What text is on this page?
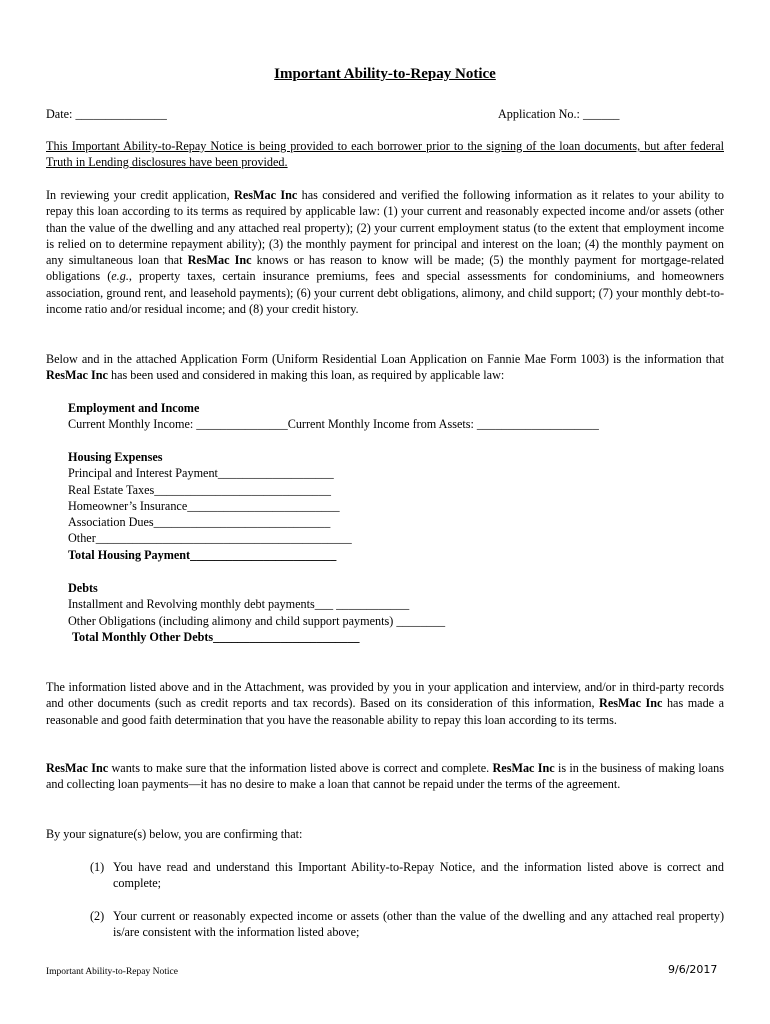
Important Ability-to-Repay Notice
Date: _______________	Application No.: ______
This Important Ability-to-Repay Notice is being provided to each borrower prior to the signing of the loan documents, but after federal Truth in Lending disclosures have been provided.
In reviewing your credit application, ResMac Inc has considered and verified the following information as it relates to your ability to repay this loan according to its terms as required by applicable law: (1) your current and reasonably expected income and/or assets (other than the value of the dwelling and any attached real property); (2) your current employment status (to the extent that employment income is relied on to determine repayment ability); (3) the monthly payment for principal and interest on the loan; (4) the monthly payment on any simultaneous loan that ResMac Inc knows or has reason to know will be made; (5) the monthly payment for mortgage-related obligations (e.g., property taxes, certain insurance premiums, fees and special assessments for condominiums, and homeowners association, ground rent, and leasehold payments); (6) your current debt obligations, alimony, and child support; (7) your monthly debt-to-income ratio and/or residual income; and (8) your credit history.
Below and in the attached Application Form (Uniform Residential Loan Application on Fannie Mae Form 1003) is the information that ResMac Inc has been used and considered in making this loan, as required by applicable law:
Employment and Income
Current Monthly Income: _______________Current Monthly Income from Assets: ____________________
Housing Expenses
Principal and Interest Payment___________________
Real Estate Taxes_____________________________
Homeowner’s Insurance_________________________
Association Dues_____________________________
Other__________________________________________
Total Housing Payment________________________
Debts
Installment and Revolving monthly debt payments___ ____________
Other Obligations (including alimony and child support payments) ________
Total Monthly Other Debts________________________
The information listed above and in the Attachment, was provided by you in your application and interview, and/or in third-party records and other documents (such as credit reports and tax records). Based on its consideration of this information, ResMac Inc has made a reasonable and good faith determination that you have the reasonable ability to repay this loan according to its terms.
ResMac Inc wants to make sure that the information listed above is correct and complete. ResMac Inc is in the business of making loans and collecting loan payments—it has no desire to make a loan that cannot be repaid under the terms of the agreement.
By your signature(s) below, you are confirming that:
(1) You have read and understand this Important Ability-to-Repay Notice, and the information listed above is correct and complete;
(2) Your current or reasonably expected income or assets (other than the value of the dwelling and any attached real property) is/are consistent with the information listed above;
Important Ability-to-Repay Notice	9/6/2017
